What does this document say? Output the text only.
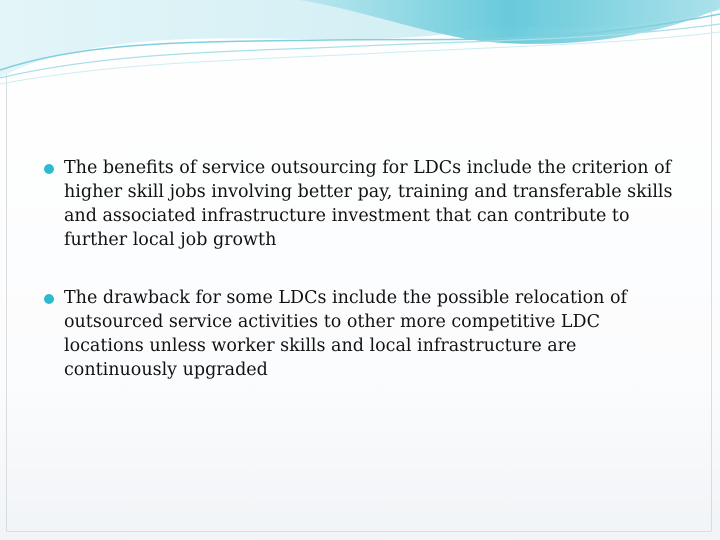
The benefits of service outsourcing for LDCs include the criterion of higher skill jobs involving better pay, training and transferable skills and associated infrastructure investment that can contribute to further local job growth
The drawback for some LDCs include the possible relocation of outsourced service activities to other more competitive LDC locations unless worker skills and local infrastructure are continuously upgraded
